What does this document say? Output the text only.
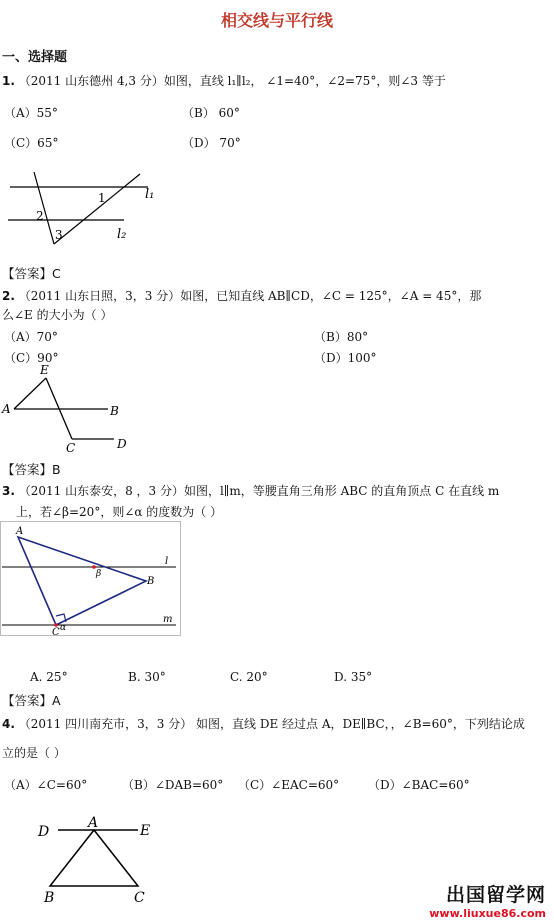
相交线与平行线
一、选择题
1. （2011 山东德州 4,3 分）如图，直线 l₁∥l₂， ∠1=40°，∠2=75°，则∠3 等于
（A）55°	（B） 60°
（C）65°	（D） 70°
l₁
l₂
1
2
3
【答案】C
2. （2011 山东日照，3，3 分）如图，已知直线 AB∥CD，∠C = 125°，∠A = 45°，那
么∠E 的大小为（ ）
（A）70°	（B）80°
（C）90°	（D）100°
E
A	B
C	D
【答案】B
3. （2011 山东泰安，8 ，3 分）如图，l∥m，等腰直角三角形 ABC 的直角顶点 C 在直线 m
上，若∠β=20°，则∠α 的度数为（ ）
A
B
C
l
m
β
α
A. 25°	B. 30°	C. 20°	D. 35°
【答案】A
4. （2011 四川南充市，3，3 分） 如图，直线 DE 经过点 A，DE∥BC，，∠B=60°，下列结论成
立的是（ ）
（A）∠C=60°	（B）∠DAB=60° （C）∠EAC=60° （D）∠BAC=60°
D
A	E
B	C	出国留学网
www.liuxue86.com
